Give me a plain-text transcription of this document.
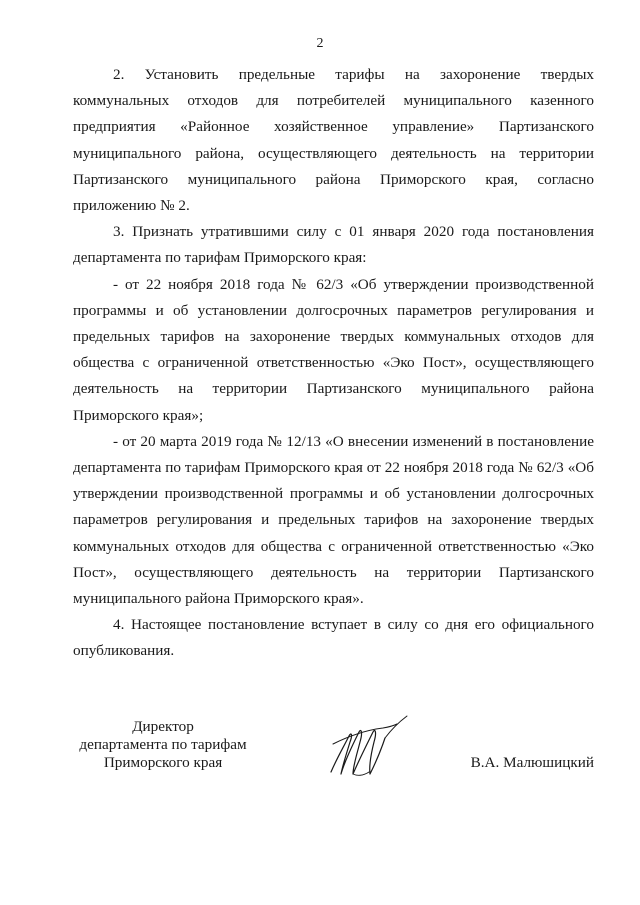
2

2. Установить предельные тарифы на захоронение твердых коммунальных отходов для потребителей муниципального казенного предприятия «Районное хозяйственное управление» Партизанского муниципального района, осуществляющего деятельность на территории Партизанского муниципального района Приморского края, согласно приложению № 2.

3. Признать утратившими силу с 01 января 2020 года постановления департамента по тарифам Приморского края:

- от 22 ноября 2018 года № 62/3 «Об утверждении производственной программы и об установлении долгосрочных параметров регулирования и предельных тарифов на захоронение твердых коммунальных отходов для общества с ограниченной ответственностью «Эко Пост», осуществляющего деятельность на территории Партизанского муниципального района Приморского края»;

- от 20 марта 2019 года № 12/13 «О внесении изменений в постановление департамента по тарифам Приморского края от 22 ноября 2018 года № 62/3 «Об утверждении производственной программы и об установлении долгосрочных параметров регулирования и предельных тарифов на захоронение твердых коммунальных отходов для общества с ограниченной ответственностью «Эко Пост», осуществляющего деятельность на территории Партизанского муниципального района Приморского края».

4. Настоящее постановление вступает в силу со дня его официального опубликования.

Директор
департамента по тарифам
Приморского края	В.А. Малюшицкий
